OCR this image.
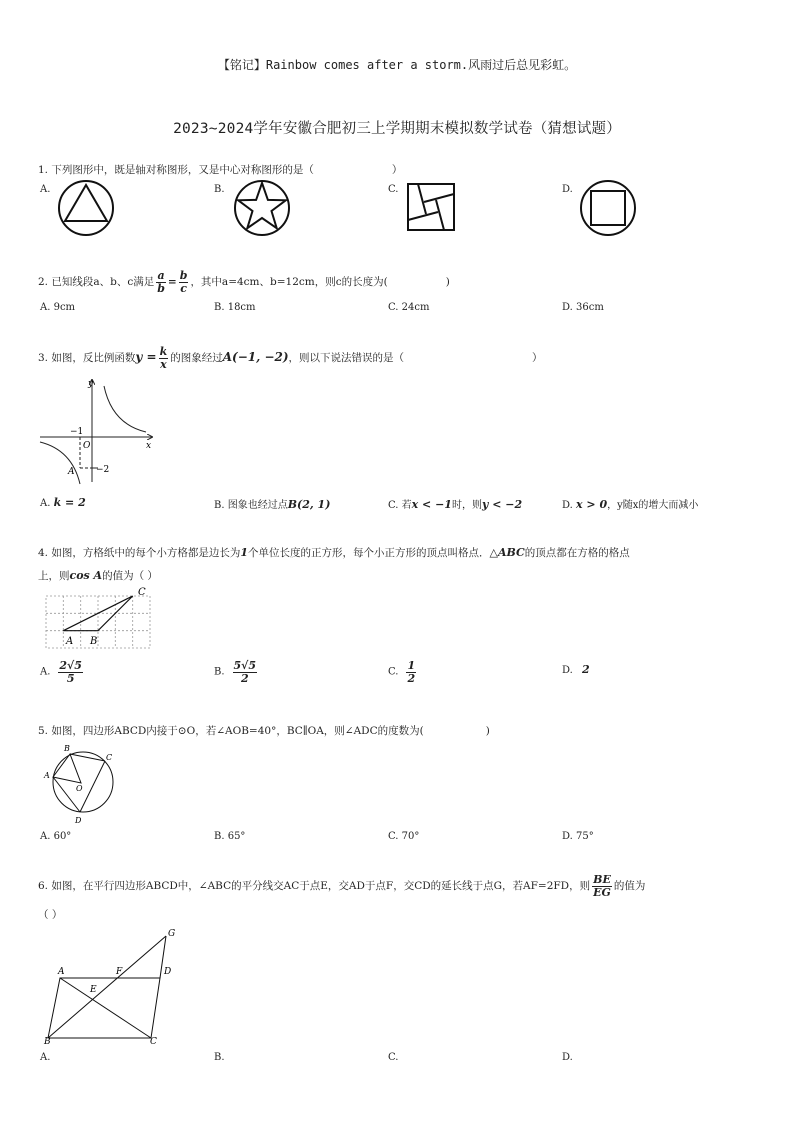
【铭记】Rainbow comes after a storm.风雨过后总见彩虹。
2023~2024学年安徽合肥初三上学期期末模拟数学试卷（猜想试题）
1. 下列图形中，既是轴对称图形，又是中心对称图形的是（	）
A.	B.	C.	D.
2. 已知线段a、b、c满足 $\frac{a}{b} = \frac{b}{c}$ ，其中a=4cm、b=12cm，则c的长度为(	)
A. 9cm	B. 18cm	C. 24cm	D. 36cm
3. 如图，反比例函数$y = \frac{k}{x}$ 的图象经过A(−1, −2)，则以下说法错误的是（	）
y
x
O
−1
−2
A
A. k = 2	B. 图象也经过点B(2, 1)	C. 若x < −1时，则y < −2	D. x > 0，y随x的增大而减小
4. 如图，方格纸中的每个小方格都是边长为1个单位长度的正方形，每个小正方形的顶点叫格点．△ABC的顶点都在方格的格点
上，则cos A的值为（ ）
A B
C
A. $\frac{2√5}{5}$	B. $\frac{5√5}{2}$	C. $\frac{1}{2}$	D. 2
5. 如图，四边形ABCD内接于⊙O，若∠AOB=40°，BC∥OA，则∠ADC的度数为(	)
B
A
C
O
D
A. 60°	B. 65°	C. 70°	D. 75°
6. 如图，在平行四边形ABCD中，∠ABC的平分线交AC于点E，交AD于点F，交CD的延长线于点G，若AF=2FD，则 $\frac{BE}{EG}$ 的值为
（ ）
G
A	F	D
E
B	C
A.	B.	C.	D.
